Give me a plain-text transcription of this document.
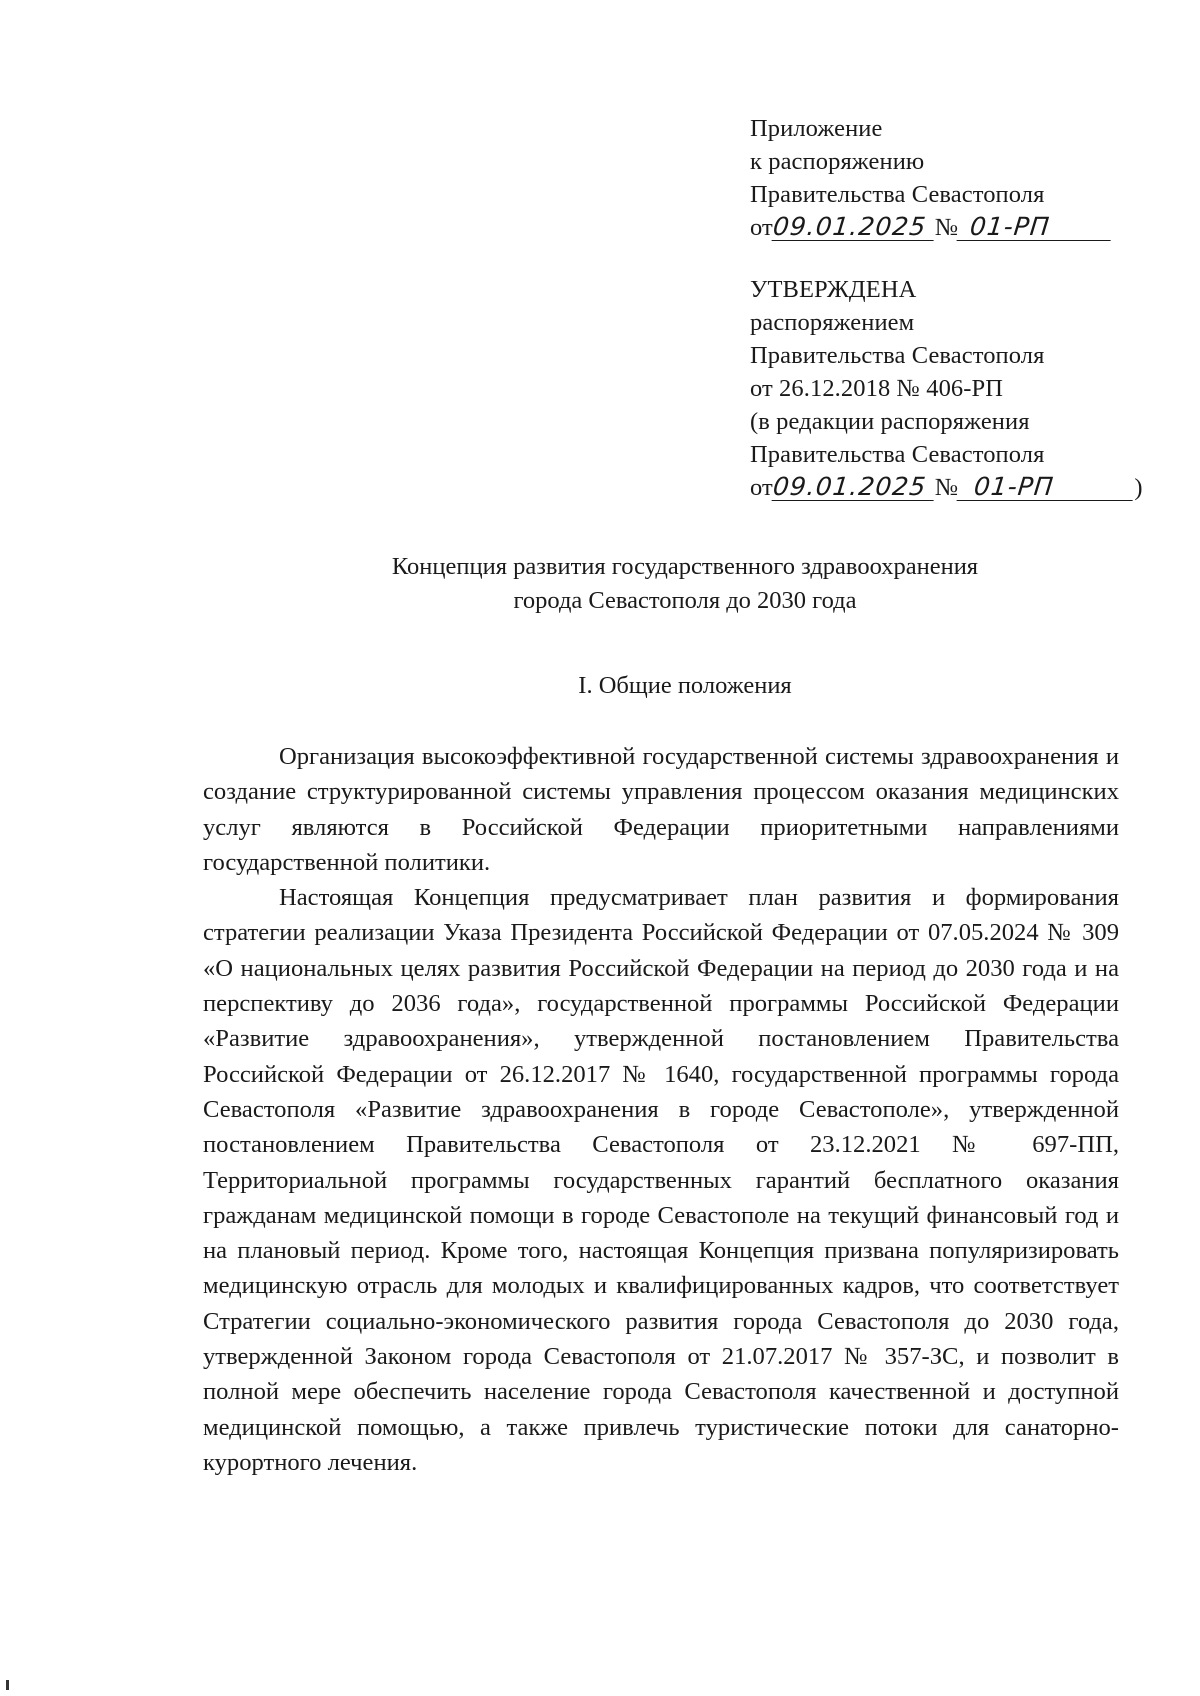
Приложение
к распоряжению
Правительства Севастополя
от09.01.2025 № 01-РП
УТВЕРЖДЕНА
распоряжением
Правительства Севастополя
от 26.12.2018 № 406-РП
(в редакции распоряжения
Правительства Севастополя
от09.01.2025 № 01-РП	)
Концепция развития государственного здравоохранения
города Севастополя до 2030 года
I. Общие положения

Организация высокоэффективной государственной системы здравоохранения и создание структурированной системы управления процессом оказания медицинских услуг являются в Российской Федерации приоритетными направлениями государственной политики.

Настоящая Концепция предусматривает план развития и формирования стратегии реализации Указа Президента Российской Федерации от 07.05.2024 № 309 «О национальных целях развития Российской Федерации на период до 2030 года и на перспективу до 2036 года», государственной программы Российской Федерации «Развитие здравоохранения», утвержденной постановлением Правительства Российской Федерации от 26.12.2017 № 1640, государственной программы города Севастополя «Развитие здравоохранения в городе Севастополе», утвержденной постановлением Правительства Севастополя от 23.12.2021 № 697-ПП, Территориальной программы государственных гарантий бесплатного оказания гражданам медицинской помощи в городе Севастополе на текущий финансовый год и на плановый период. Кроме того, настоящая Концепция призвана популяризировать медицинскую отрасль для молодых и квалифицированных кадров, что соответствует Стратегии социально-экономического развития города Севастополя до 2030 года, утвержденной Законом города Севастополя от 21.07.2017 № 357-ЗС, и позволит в полной мере обеспечить население города Севастополя качественной и доступной медицинской помощью, а также привлечь туристические потоки для санаторно-курортного лечения.
